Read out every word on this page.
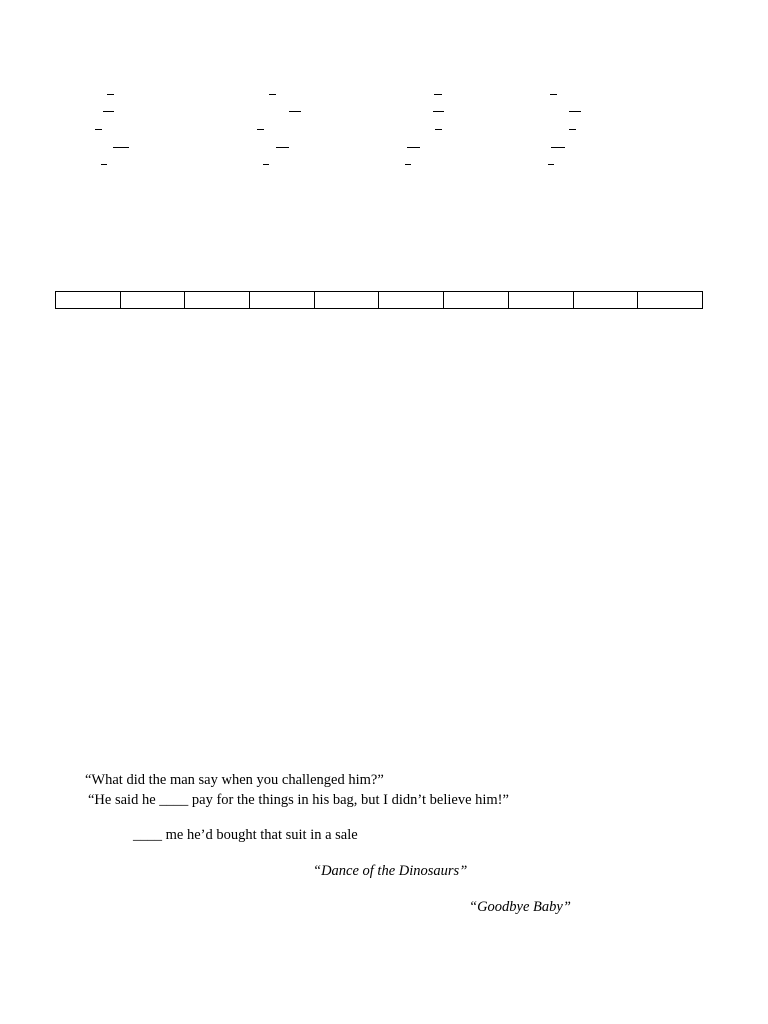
“What did the man say when you challenged him?”
“He said he ____ pay for the things in his bag, but I didn’t believe him!”
____ me he’d bought that suit in a sale
“Dance of the Dinosaurs”
“Goodbye Baby”
